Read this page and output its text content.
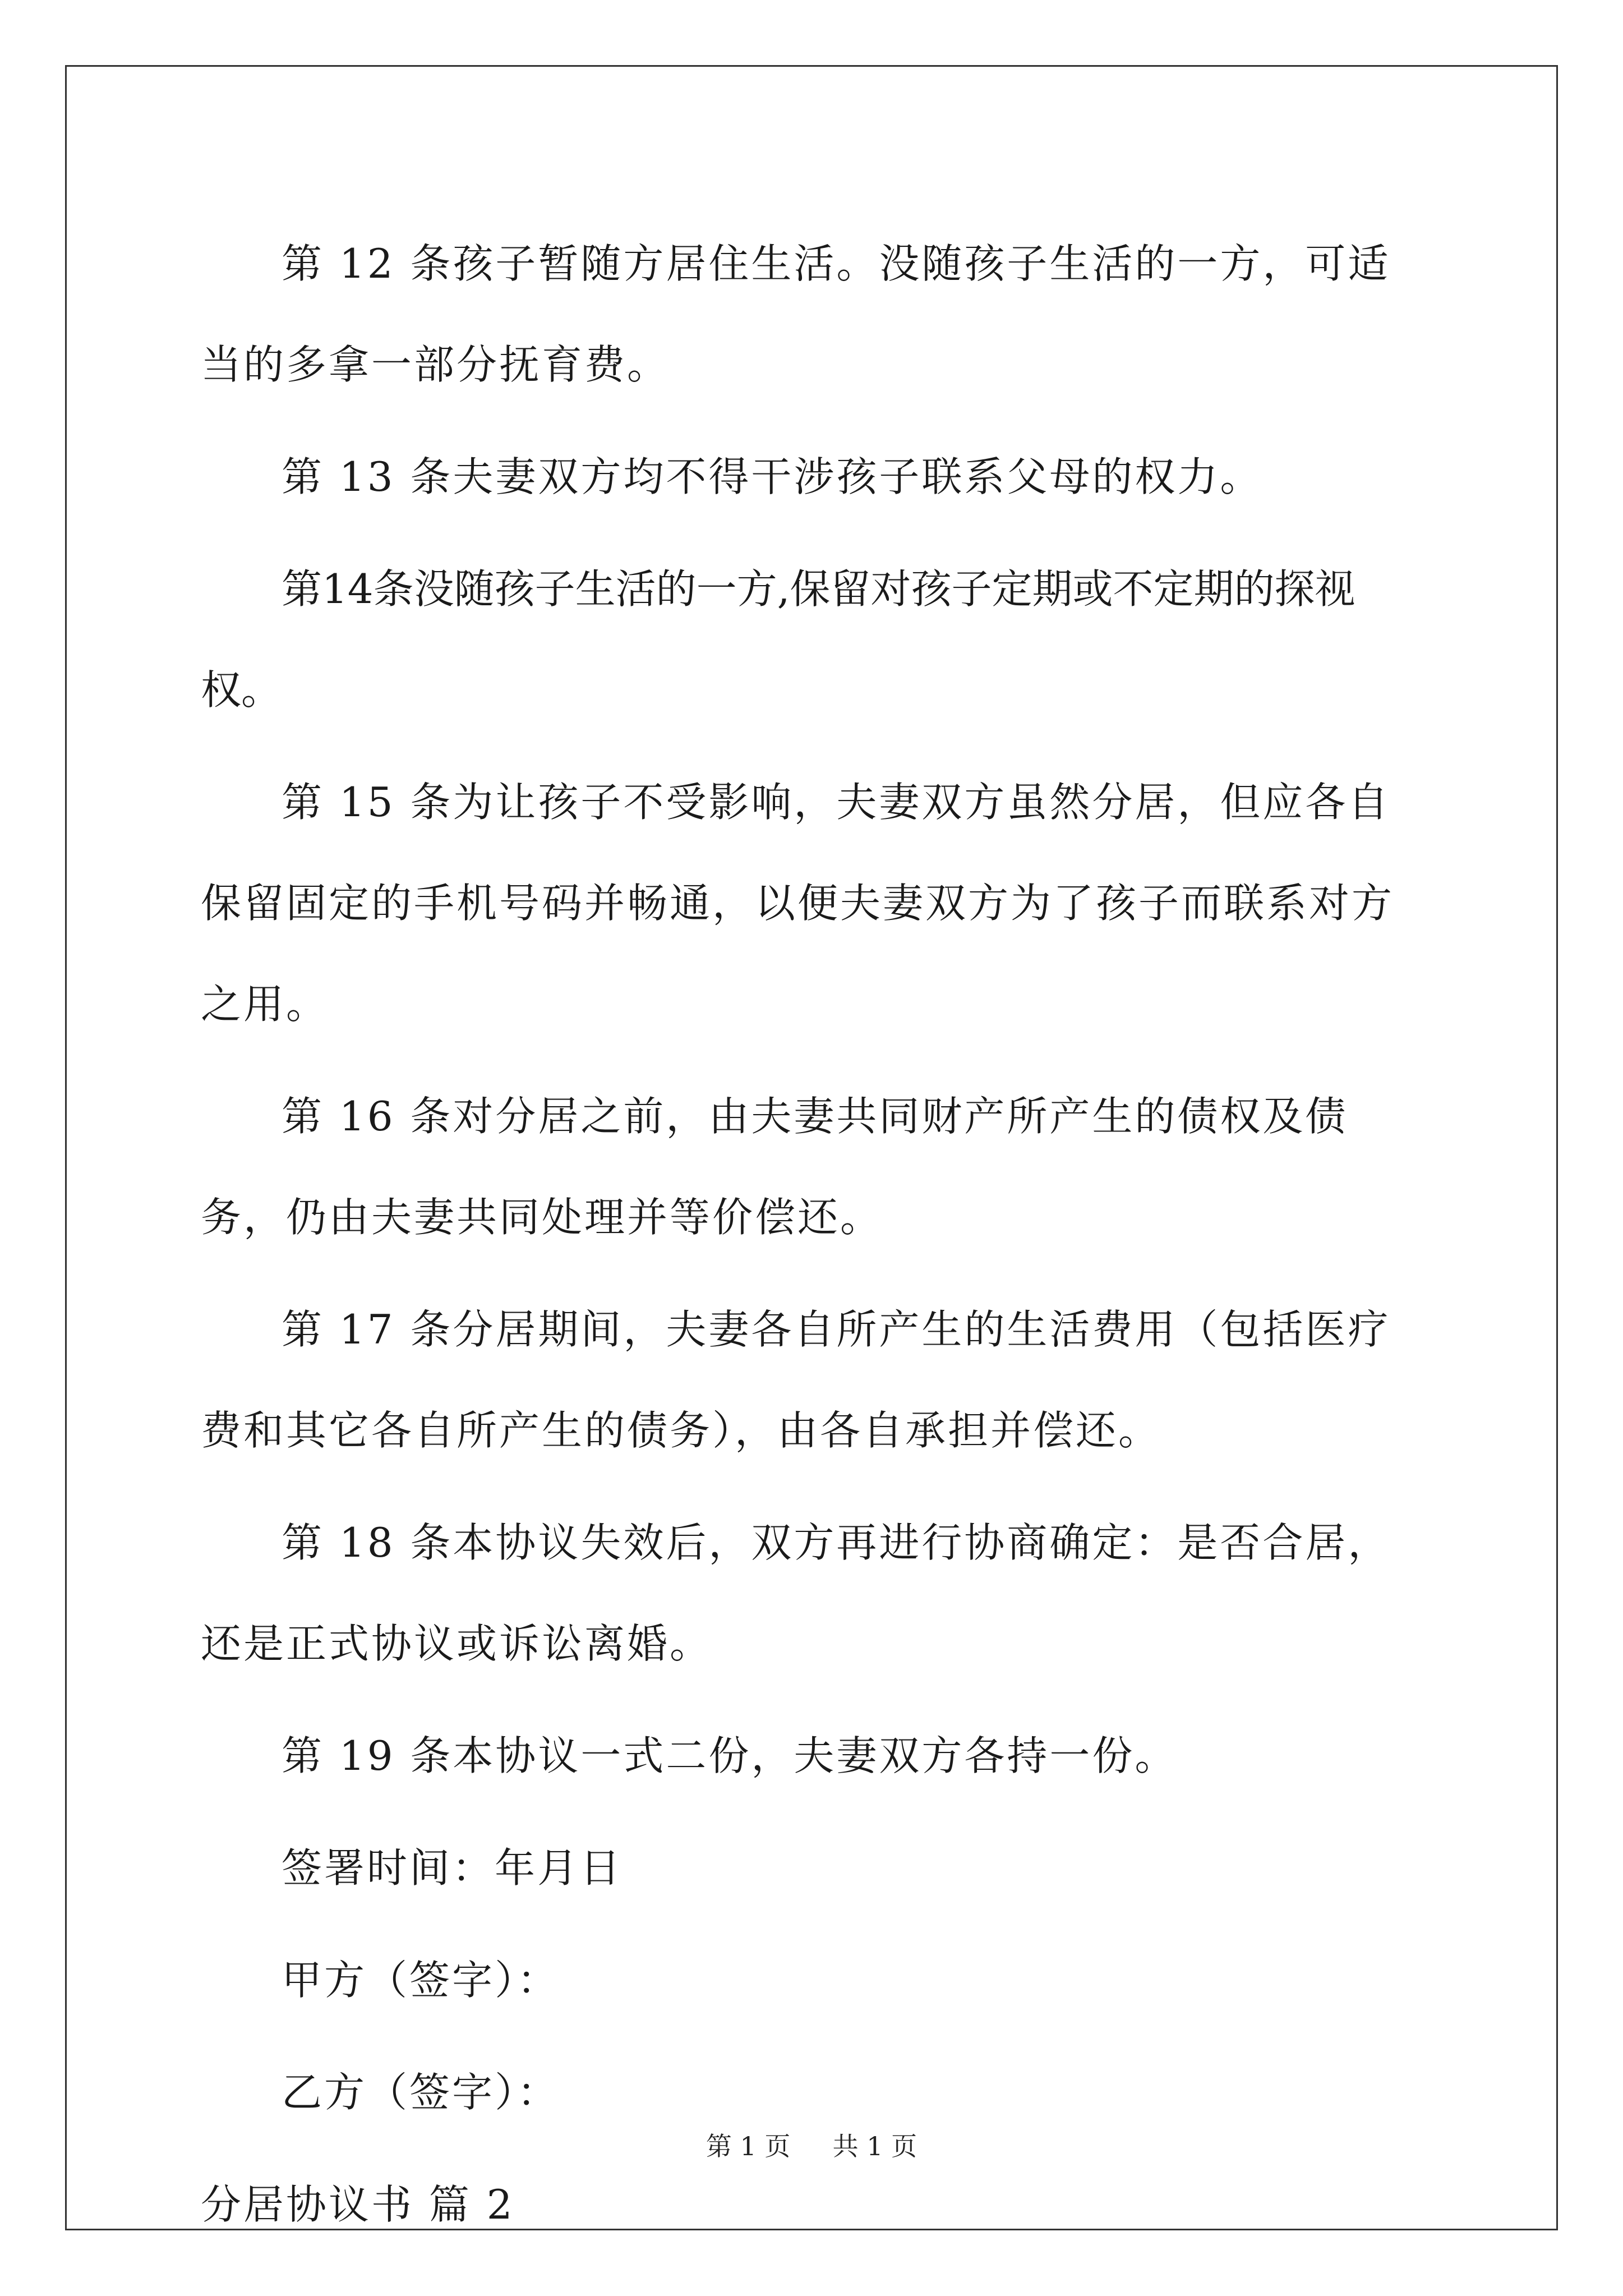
第 12 条孩子暂随方居住生活。没随孩子生活的一方，可适当的多拿一部分抚育费。

第 13 条夫妻双方均不得干涉孩子联系父母的权力。

第14条没随孩子生活的一方,保留对孩子定期或不定期的探视权。

第 15 条为让孩子不受影响，夫妻双方虽然分居，但应各自保留固定的手机号码并畅通，以便夫妻双方为了孩子而联系对方之用。

第 16 条对分居之前，由夫妻共同财产所产生的债权及债务，仍由夫妻共同处理并等价偿还。

第 17 条分居期间，夫妻各自所产生的生活费用（包括医疗费和其它各自所产生的债务），由各自承担并偿还。

第 18 条本协议失效后，双方再进行协商确定：是否合居，还是正式协议或诉讼离婚。

第 19 条本协议一式二份，夫妻双方各持一份。

签署时间：年月日

甲方（签字）：

乙方（签字）：

分居协议书 篇 2

第 1 页 共 1 页
